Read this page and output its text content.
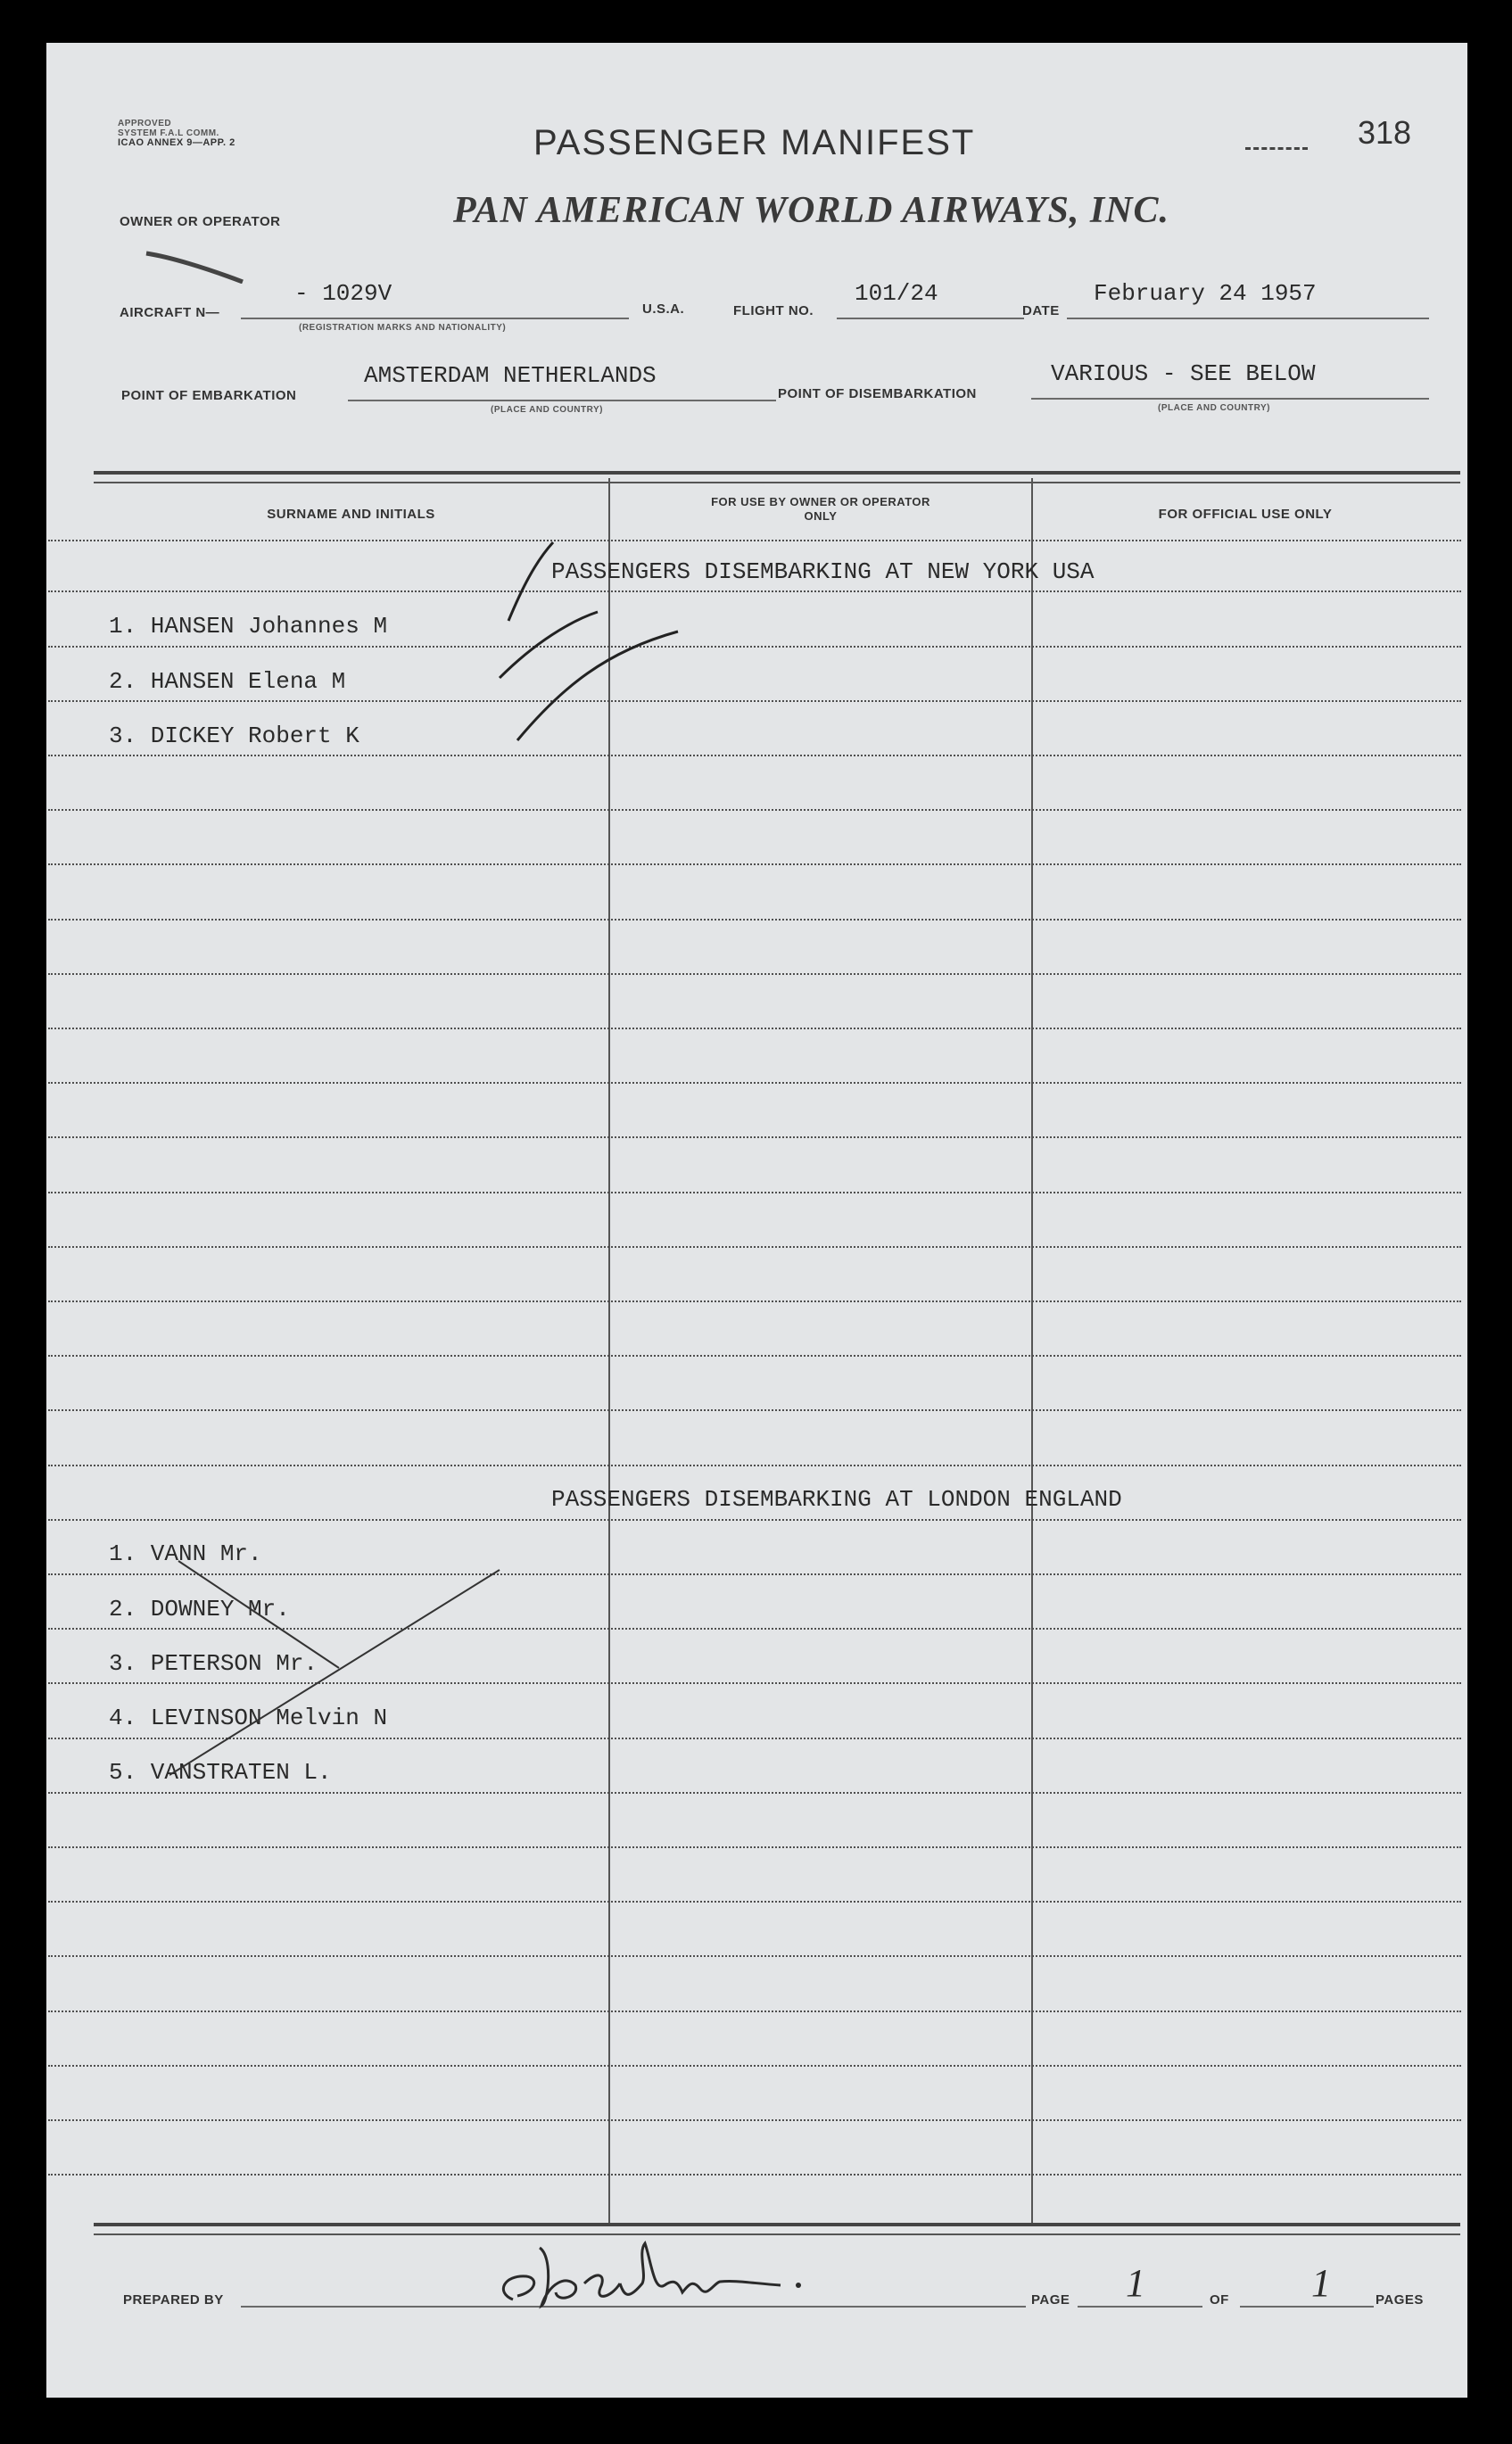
APPROVED
SYSTEM F.A.L COMM.
ICAO ANNEX 9—APP. 2	PASSENGER MANIFEST	318
OWNER OR OPERATOR	PAN AMERICAN WORLD AIRWAYS, INC.
AIRCRAFT N—
- 1029V
(REGISTRATION MARKS AND NATIONALITY)
U.S.A.	FLIGHT NO.
101/24
DATE
February 24 1957
POINT OF EMBARKATION
AMSTERDAM NETHERLANDS
(PLACE AND COUNTRY)
POINT OF DISEMBARKATION
VARIOUS - SEE BELOW
(PLACE AND COUNTRY)
SURNAME AND INITIALS
FOR USE BY OWNER OR OPERATOR ONLY	FOR OFFICIAL USE ONLY
PASSENGERS DISEMBARKING AT NEW YORK USA
1. HANSEN Johannes M
2. HANSEN Elena M
3. DICKEY Robert K
PASSENGERS DISEMBARKING AT LONDON ENGLAND
1. VANN Mr.
2. DOWNEY Mr.
3. PETERSON Mr.
4. LEVINSON Melvin N
5. VANSTRATEN L.
PREPARED BY	PAGE 1	OF 1	PAGES
